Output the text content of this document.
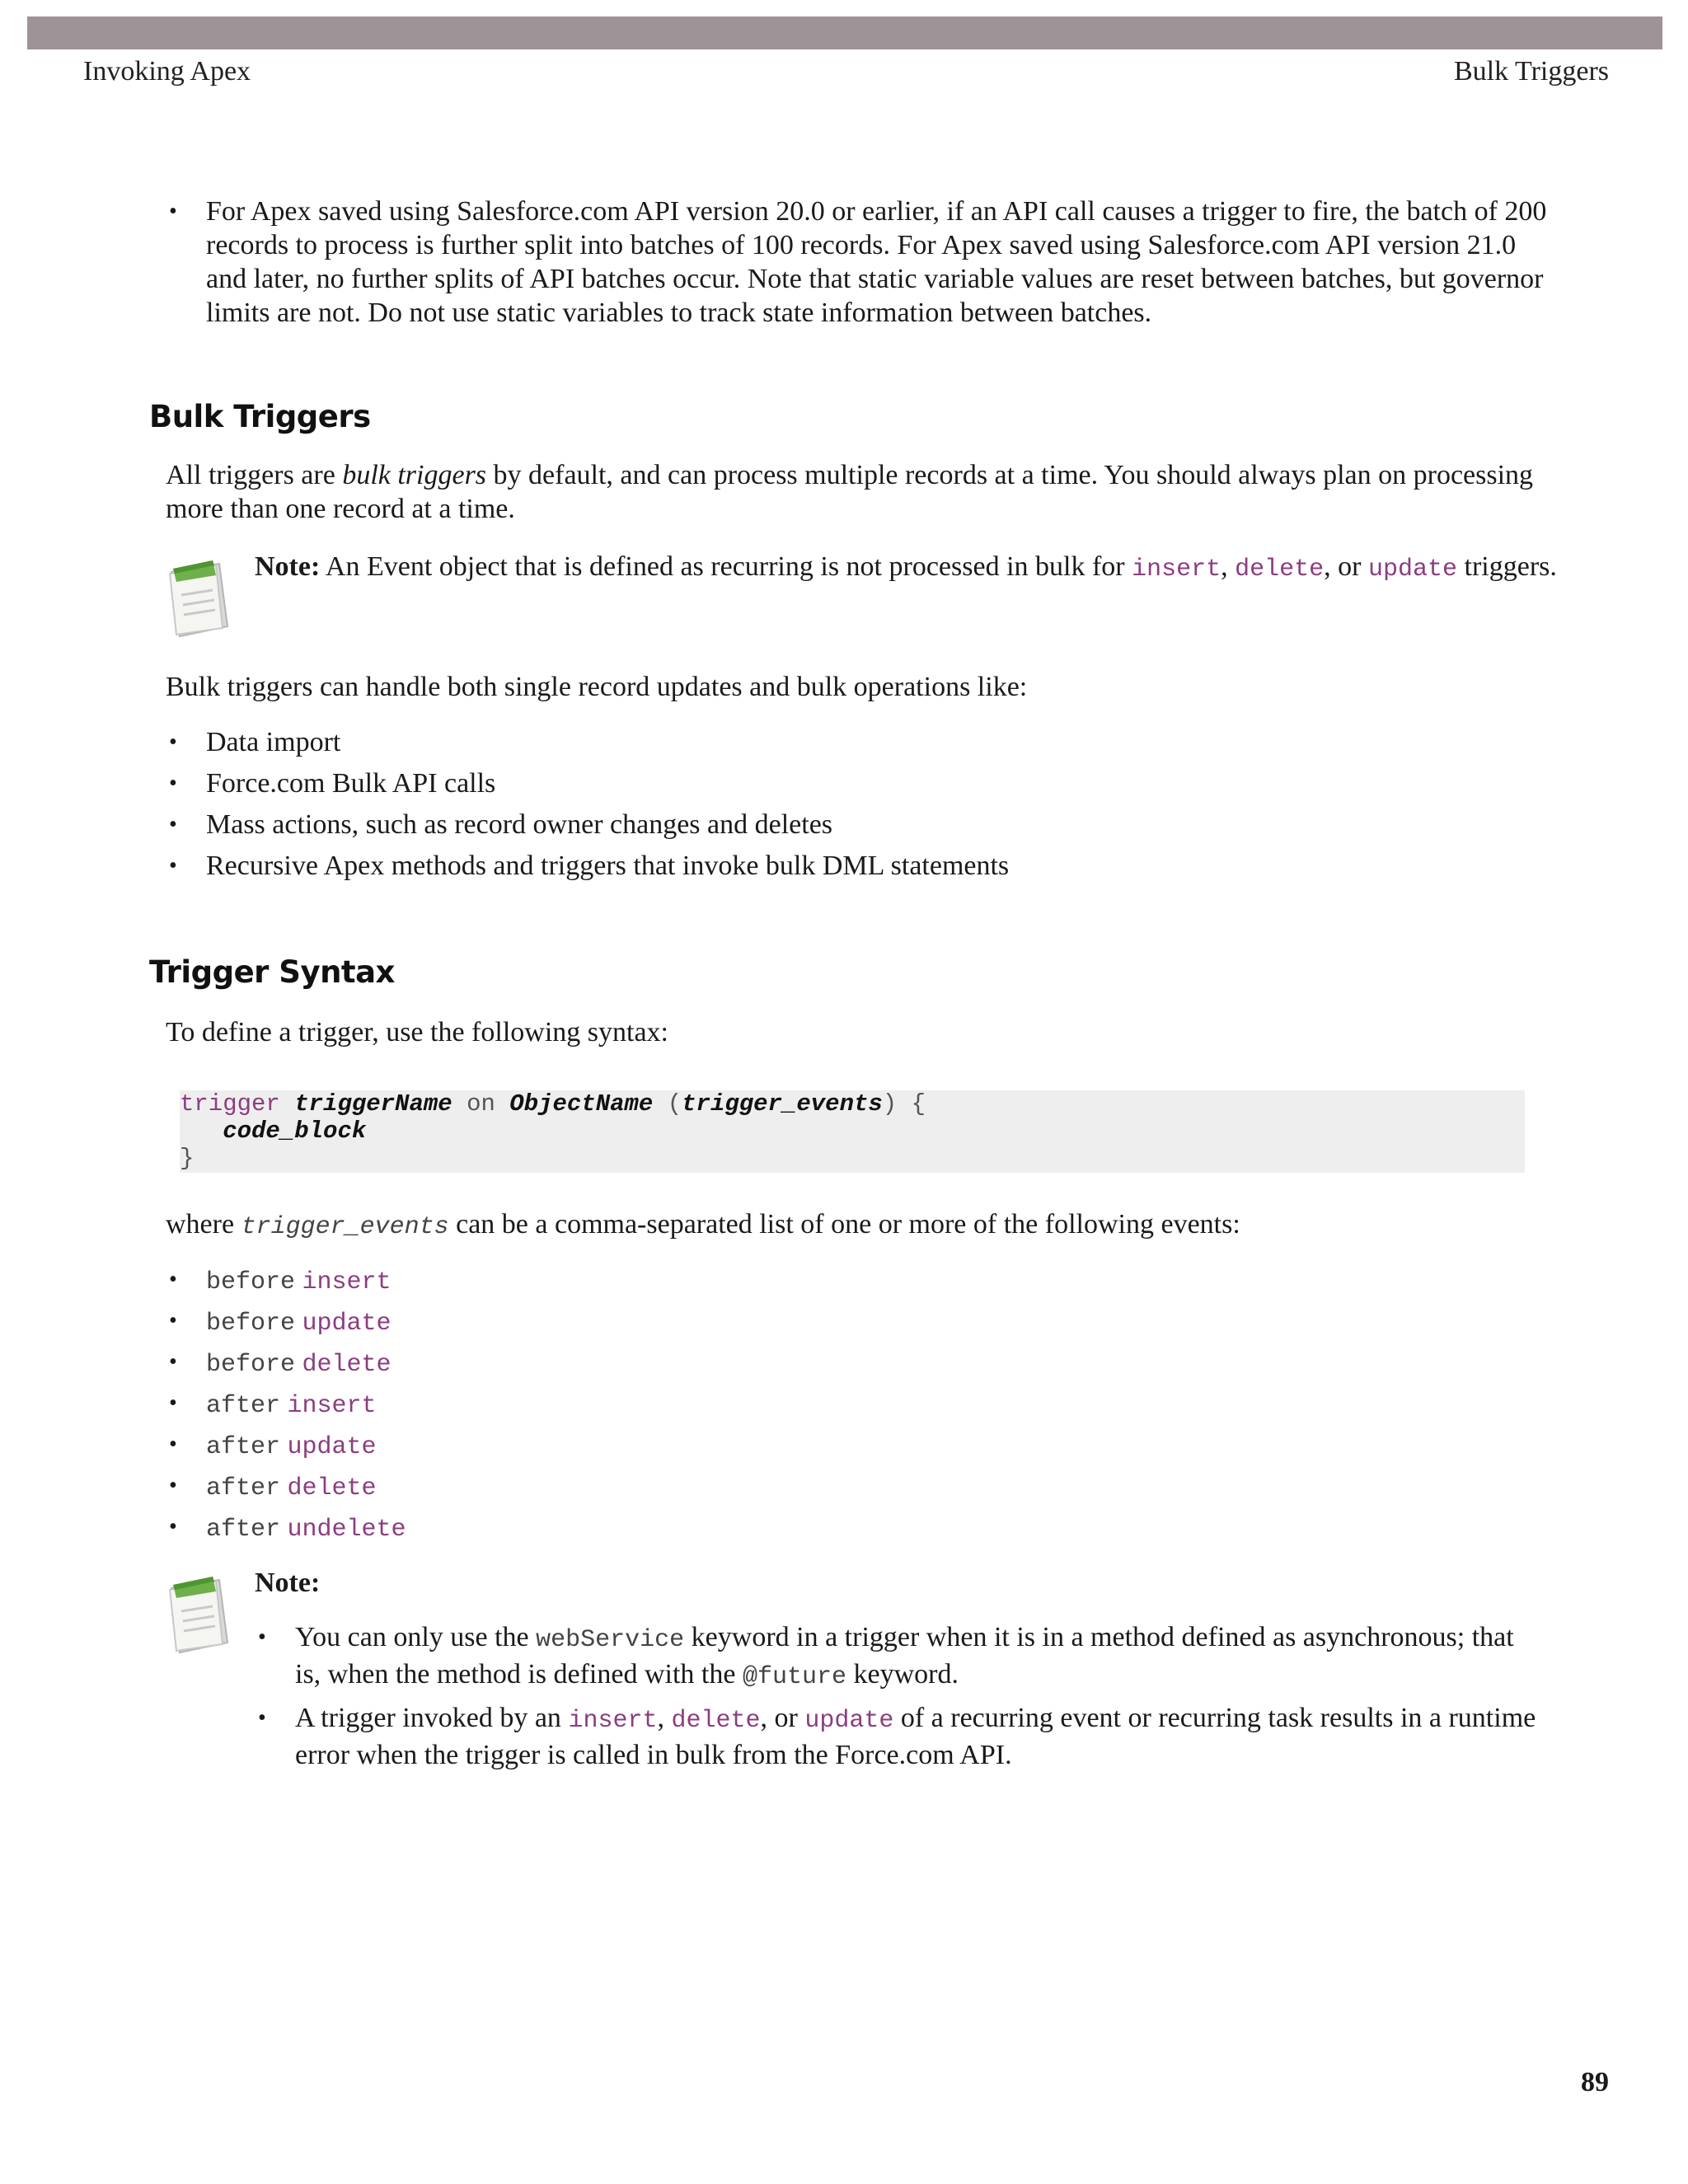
Invoking Apex	Bulk Triggers
• For Apex saved using Salesforce.com API version 20.0 or earlier, if an API call causes a trigger to fire, the batch of 200 records to process is further split into batches of 100 records. For Apex saved using Salesforce.com API version 21.0 and later, no further splits of API batches occur. Note that static variable values are reset between batches, but governor limits are not. Do not use static variables to track state information between batches.
Bulk Triggers
All triggers are bulk triggers by default, and can process multiple records at a time. You should always plan on processing more than one record at a time.
Note: An Event object that is defined as recurring is not processed in bulk for insert, delete, or update triggers.
Bulk triggers can handle both single record updates and bulk operations like:
• Data import
• Force.com Bulk API calls
• Mass actions, such as record owner changes and deletes
• Recursive Apex methods and triggers that invoke bulk DML statements
Trigger Syntax
To define a trigger, use the following syntax:
trigger triggerName on ObjectName (trigger_events) {
code_block
}
where trigger_events can be a comma-separated list of one or more of the following events:
• before insert
• before update
• before delete
• after insert
• after update
• after delete
• after undelete
Note:
• You can only use the webService keyword in a trigger when it is in a method defined as asynchronous; that is, when the method is defined with the @future keyword.
• A trigger invoked by an insert, delete, or update of a recurring event or recurring task results in a runtime error when the trigger is called in bulk from the Force.com API.
89
